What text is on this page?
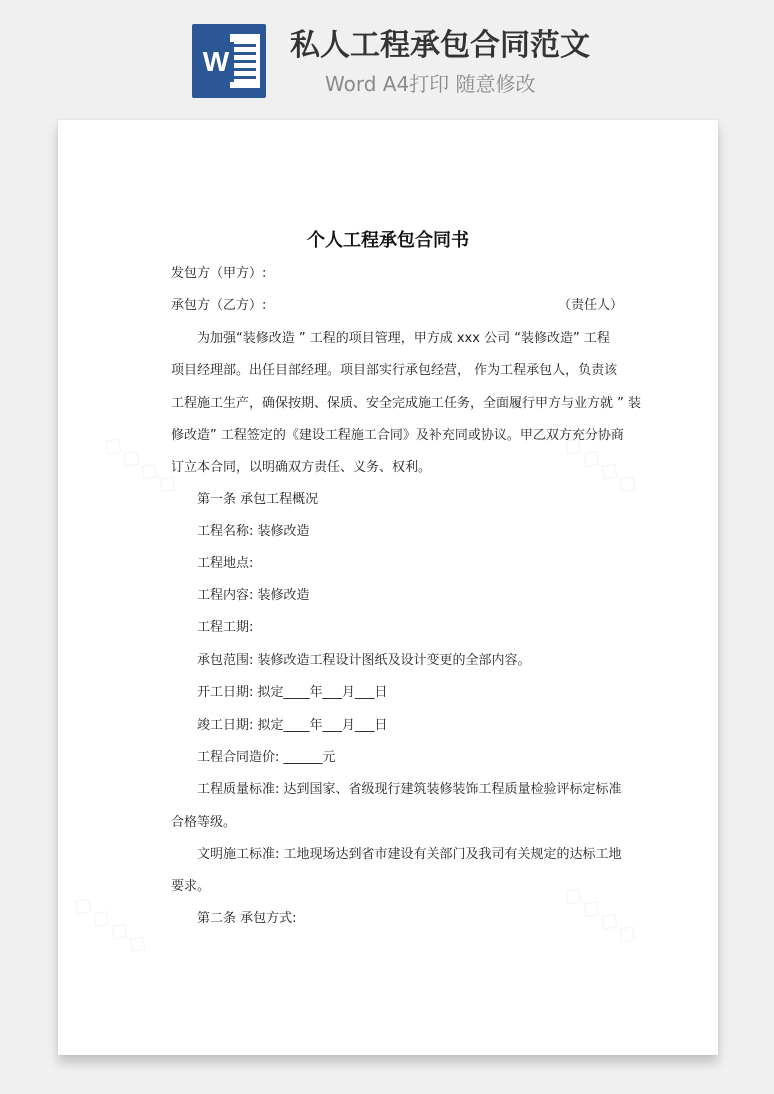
W 私人工程承包合同范文
Word A4打印 随意修改
个人工程承包合同书
发包方（甲方）:
承包方（乙方）:	（责任人）
为加强“装修改造 ” 工程的项目管理，甲方成 xxx 公司 “装修改造” 工程
项目经理部。出任目部经理。项目部实行承包经营， 作为工程承包人，负责该
工程施工生产，确保按期、保质、安全完成施工任务，全面履行甲方与业方就 ” 装
修改造” 工程签定的《建设工程施工合同》及补充同或协议。甲乙双方充分协商
订立本合同，以明确双方责任、义务、权利。
第一条 承包工程概况
工程名称: 装修改造
工程地点:
工程内容: 装修改造
工程工期:
承包范围: 装修改造工程设计图纸及设计变更的全部内容。
开工日期: 拟定____年___月___日
竣工日期: 拟定____年___月___日
工程合同造价: ______元
工程质量标准: 达到国家、省级现行建筑装修装饰工程质量检验评标定标准
合格等级。
文明施工标准: 工地现场达到省市建设有关部门及我司有关规定的达标工地
要求。
第二条 承包方式:
